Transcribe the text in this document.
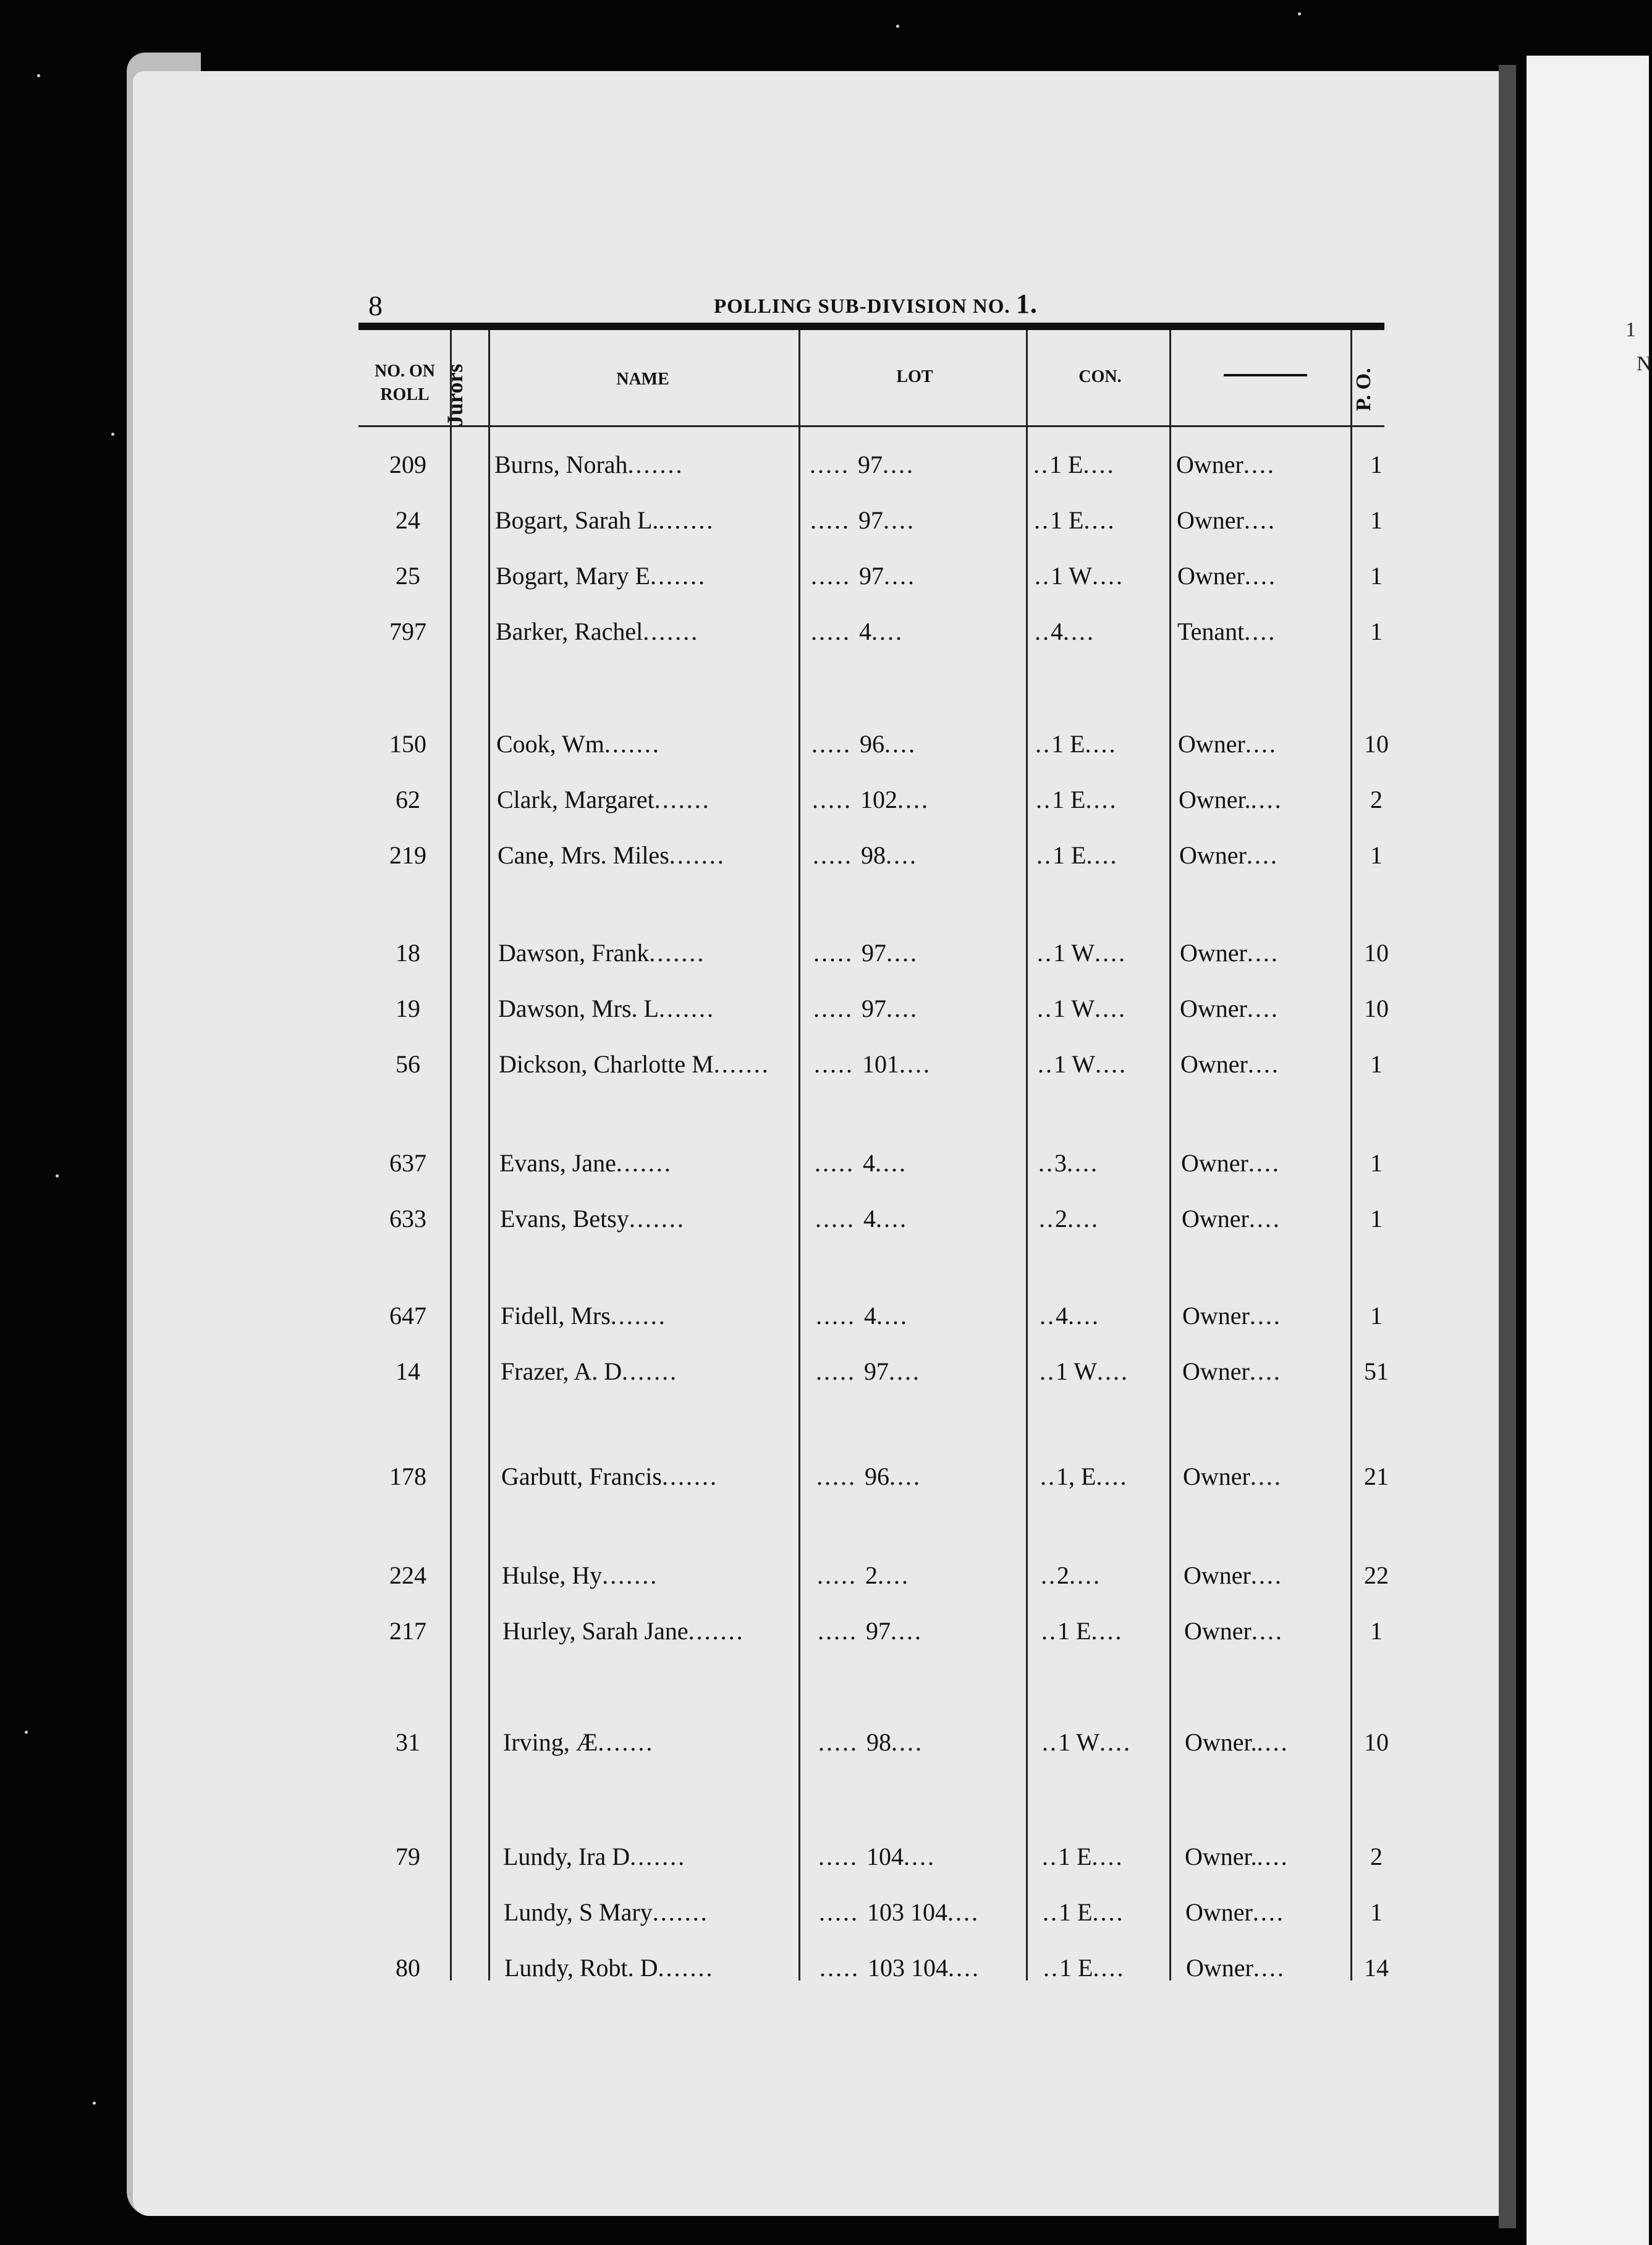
N
1
8	POLLING SUB-DIVISION NO. 1.
NO. ON
ROLL Jurors	NAME	LOT	CON.	P. O.
209	Burns, Norah.......	..... 97....	..1 E.... Owner....	1
24	Bogart, Sarah L........	..... 97....	..1 E.... Owner....	1
25	Bogart, Mary E.......	..... 97....	..1 W.... Owner....	1
797	Barker, Rachel.......	..... 4....	..4....	Tenant....	1
150	Cook, Wm.......	..... 96....	..1 E.... Owner....	10
62	Clark, Margaret.......	..... 102....	..1 E.... Owner.....	2
219	Cane, Mrs. Miles.......	..... 98....	..1 E.... Owner....	1
18	Dawson, Frank.......	..... 97....	..1 W.... Owner....	10
19	Dawson, Mrs. L.......	..... 97....	..1 W.... Owner....	10
56	Dickson, Charlotte M....... ..... 101....	..1 W.... Owner....	1
637	Evans, Jane.......	..... 4....	..3....	Owner....	1
633	Evans, Betsy.......	..... 4....	..2....	Owner....	1
647	Fidell, Mrs.......	..... 4....	..4....	Owner....	1
14	Frazer, A. D.......	..... 97....	..1 W.... Owner....	51
178	Garbutt, Francis.......	..... 96....	..1, E.... Owner....	21
224	Hulse, Hy.......	..... 2....	..2....	Owner....	22
217	Hurley, Sarah Jane.......	..... 97....	..1 E.... Owner....	1
31	Irving, Æ.......	..... 98....	..1 W.... Owner.....	10
79	Lundy, Ira D.......	..... 104....	..1 E.... Owner.....	2
Lundy, S Mary.......	..... 103 104....	..1 E.... Owner....	1
80	Lundy, Robt. D.......	..... 103 104....	..1 E.... Owner....	14
